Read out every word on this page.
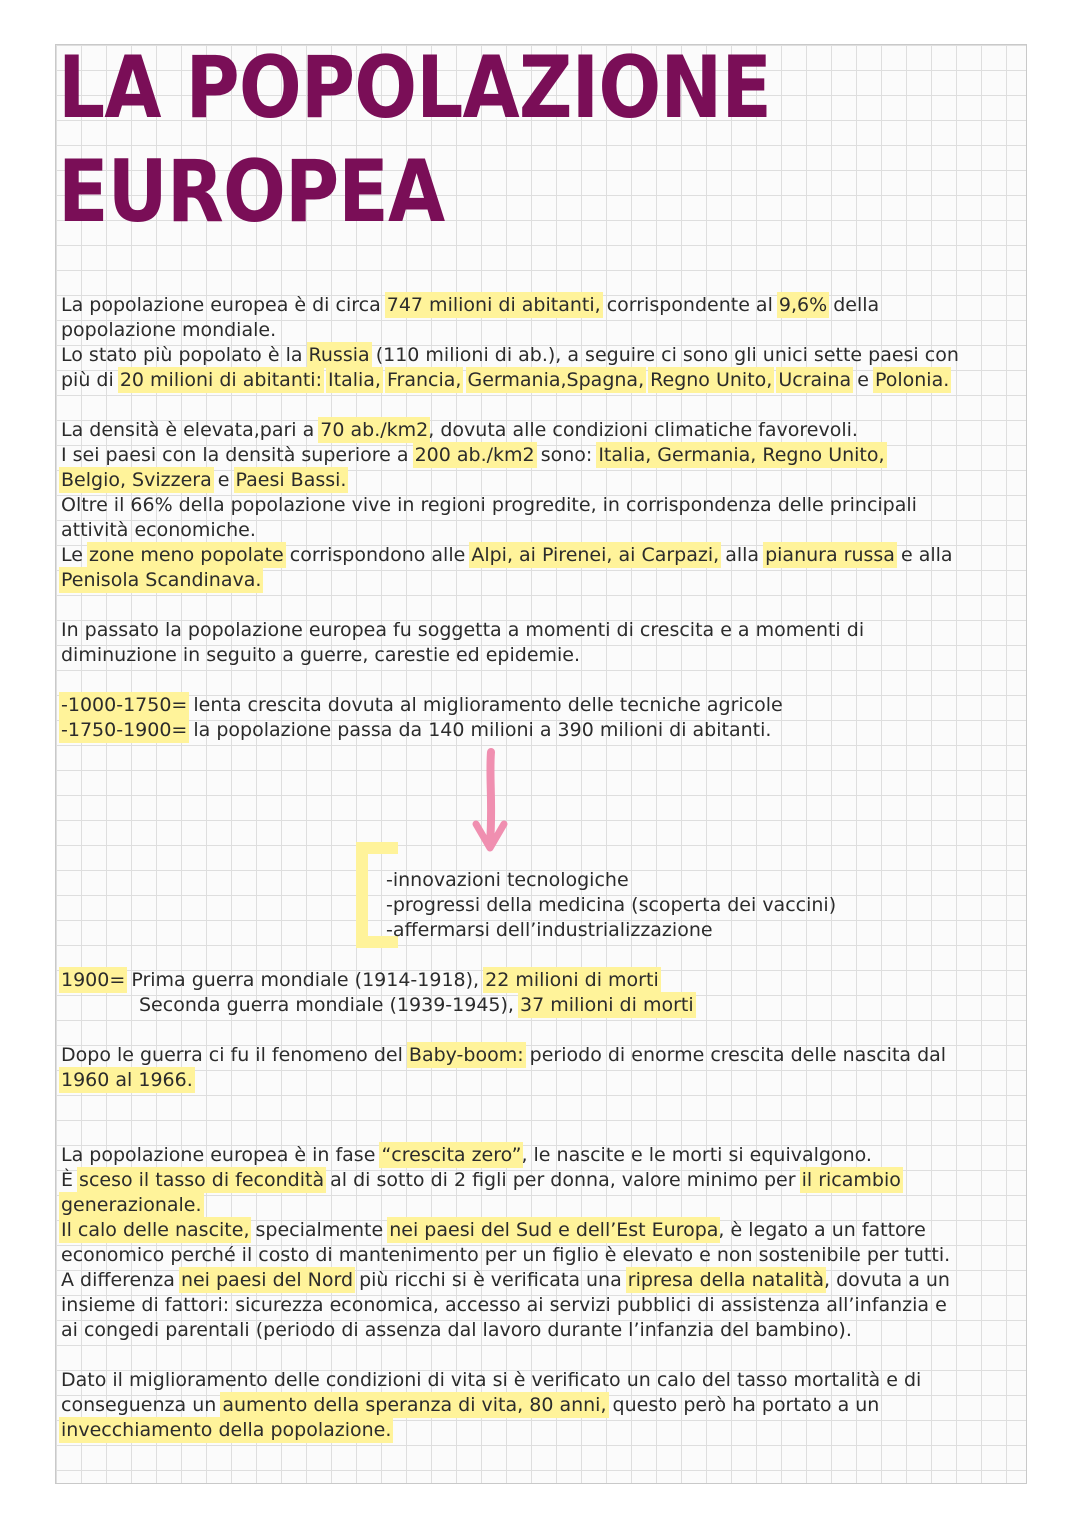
LA POPOLAZIONE
EUROPEA

La popolazione europea è di circa 747 milioni di abitanti, corrispondente al 9,6% della

popolazione mondiale.

Lo stato più popolato è la Russia (110 milioni di ab.), a seguire ci sono gli unici sette paesi con

più di 20 milioni di abitanti: Italia, Francia, Germania,Spagna, Regno Unito, Ucraina e Polonia.

La densità è elevata,pari a 70 ab./km2, dovuta alle condizioni climatiche favorevoli.

I sei paesi con la densità superiore a 200 ab./km2 sono: Italia, Germania, Regno Unito,

Belgio, Svizzera e Paesi Bassi.

Oltre il 66% della popolazione vive in regioni progredite, in corrispondenza delle principali

attività economiche.

Le zone meno popolate corrispondono alle Alpi, ai Pirenei, ai Carpazi, alla pianura russa e alla

Penisola Scandinava.

In passato la popolazione europea fu soggetta a momenti di crescita e a momenti di

diminuzione in seguito a guerre, carestie ed epidemie.

-1000-1750= lenta crescita dovuta al miglioramento delle tecniche agricole

-1750-1900= la popolazione passa da 140 milioni a 390 milioni di abitanti.

-innovazioni tecnologiche

-progressi della medicina (scoperta dei vaccini)

-affermarsi dell’industrializzazione

1900= Prima guerra mondiale (1914-1918), 22 milioni di morti

Seconda guerra mondiale (1939-1945), 37 milioni di morti

Dopo le guerra ci fu il fenomeno del Baby-boom: periodo di enorme crescita delle nascita dal

1960 al 1966.

La popolazione europea è in fase “crescita zero”, le nascite e le morti si equivalgono.

È sceso il tasso di fecondità al di sotto di 2 figli per donna, valore minimo per il ricambio

generazionale.

Il calo delle nascite, specialmente nei paesi del Sud e dell’Est Europa, è legato a un fattore

economico perché il costo di mantenimento per un figlio è elevato e non sostenibile per tutti.

A differenza nei paesi del Nord più ricchi si è verificata una ripresa della natalità, dovuta a un

insieme di fattori: sicurezza economica, accesso ai servizi pubblici di assistenza all’infanzia e

ai congedi parentali (periodo di assenza dal lavoro durante l’infanzia del bambino).

Dato il miglioramento delle condizioni di vita si è verificato un calo del tasso mortalità e di

conseguenza un aumento della speranza di vita, 80 anni, questo però ha portato a un

invecchiamento della popolazione.
